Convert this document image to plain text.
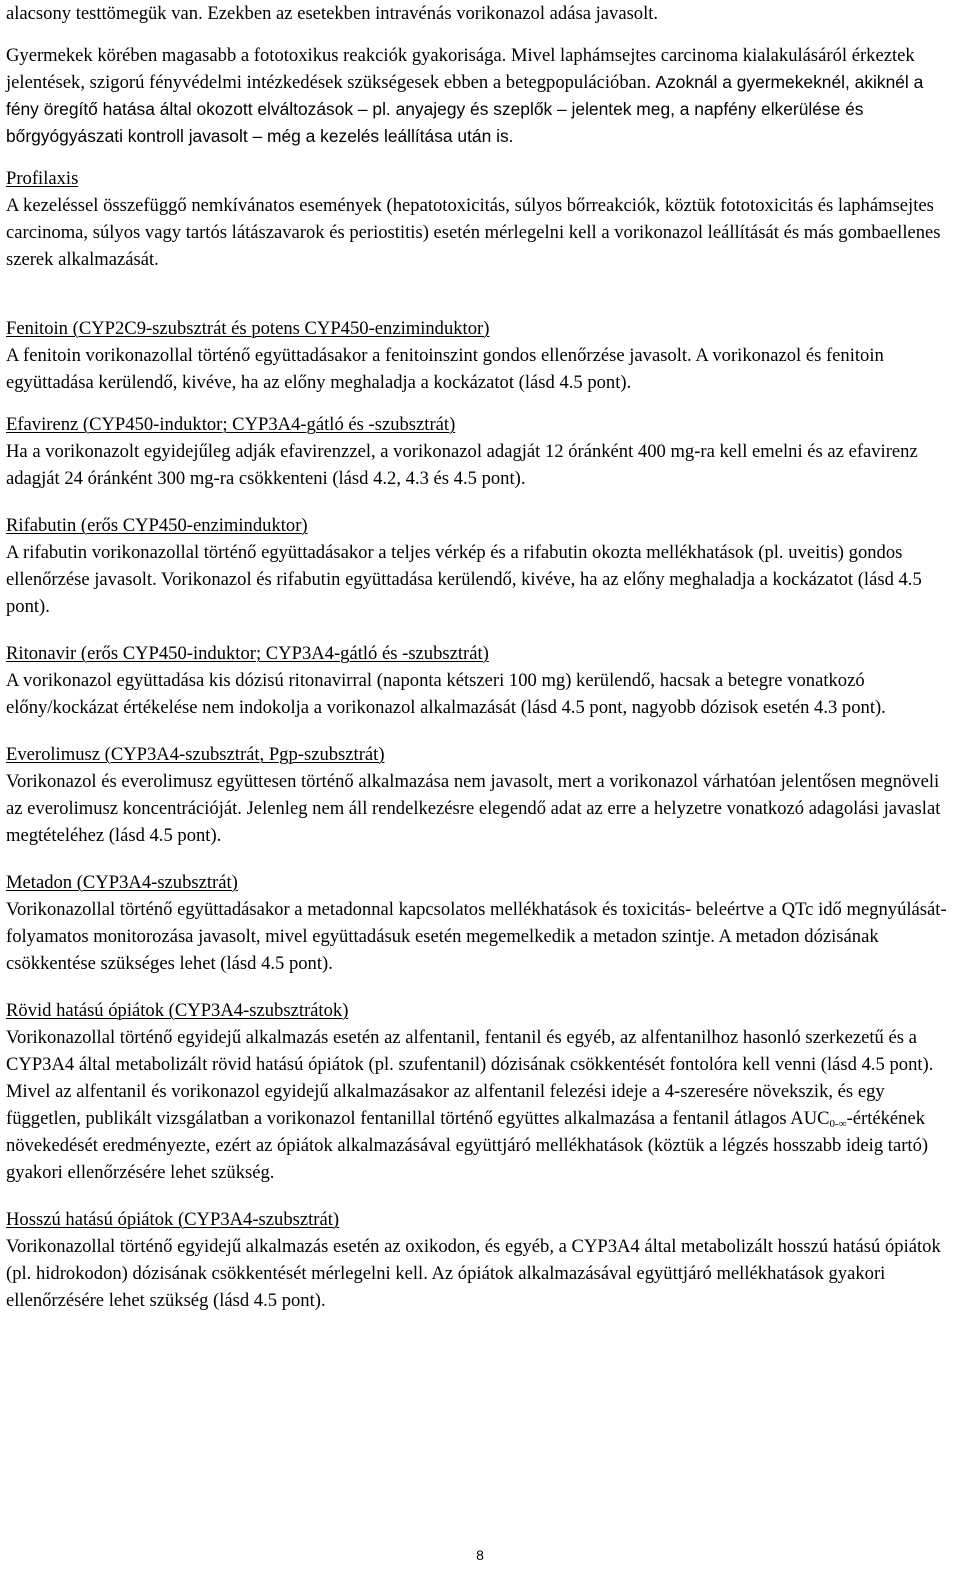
alacsony testtömegük van. Ezekben az esetekben intravénás vorikonazol adása javasolt.

Gyermekek körében magasabb a fototoxikus reakciók gyakorisága. Mivel laphámsejtes carcinoma kialakulásáról érkeztek jelentések, szigorú fényvédelmi intézkedések szükségesek ebben a betegpopulációban. Azoknál a gyermekeknél, akiknél a fény öregítő hatása által okozott elváltozások – pl. anyajegy és szeplők – jelentek meg, a napfény elkerülése és bőrgyógyászati kontroll javasolt – még a kezelés leállítása után is.

Profilaxis

A kezeléssel összefüggő nemkívánatos események (hepatotoxicitás, súlyos bőrreakciók, köztük fototoxicitás és laphámsejtes carcinoma, súlyos vagy tartós látászavarok és periostitis) esetén mérlegelni kell a vorikonazol leállítását és más gombaellenes szerek alkalmazását.

Fenitoin (CYP2C9-szubsztrát és potens CYP450-enziminduktor)

A fenitoin vorikonazollal történő együttadásakor a fenitoinszint gondos ellenőrzése javasolt. A vorikonazol és fenitoin együttadása kerülendő, kivéve, ha az előny meghaladja a kockázatot (lásd 4.5 pont).

Efavirenz (CYP450-induktor; CYP3A4-gátló és -szubsztrát)

Ha a vorikonazolt egyidejűleg adják efavirenzzel, a vorikonazol adagját 12 óránként 400 mg-ra kell emelni és az efavirenz adagját 24 óránként 300 mg-ra csökkenteni (lásd 4.2, 4.3 és 4.5 pont).

Rifabutin (erős CYP450-enziminduktor)

A rifabutin vorikonazollal történő együttadásakor a teljes vérkép és a rifabutin okozta mellékhatások (pl. uveitis) gondos ellenőrzése javasolt. Vorikonazol és rifabutin együttadása kerülendő, kivéve, ha az előny meghaladja a kockázatot (lásd 4.5 pont).

Ritonavir (erős CYP450-induktor; CYP3A4-gátló és -szubsztrát)

A vorikonazol együttadása kis dózisú ritonavirral (naponta kétszeri 100 mg) kerülendő, hacsak a betegre vonatkozó előny/kockázat értékelése nem indokolja a vorikonazol alkalmazását (lásd 4.5 pont, nagyobb dózisok esetén 4.3 pont).

Everolimusz (CYP3A4-szubsztrát, Pgp-szubsztrát)

Vorikonazol és everolimusz együttesen történő alkalmazása nem javasolt, mert a vorikonazol várhatóan jelentősen megnöveli az everolimusz koncentrációját. Jelenleg nem áll rendelkezésre elegendő adat az erre a helyzetre vonatkozó adagolási javaslat megtételéhez (lásd 4.5 pont).

Metadon (CYP3A4-szubsztrát)

Vorikonazollal történő együttadásakor a metadonnal kapcsolatos mellékhatások és toxicitás- beleértve a QTc idő megnyúlását- folyamatos monitorozása javasolt, mivel együttadásuk esetén megemelkedik a metadon szintje. A metadon dózisának csökkentése szükséges lehet (lásd 4.5 pont).

Rövid hatású ópiátok (CYP3A4-szubsztrátok)

Vorikonazollal történő egyidejű alkalmazás esetén az alfentanil, fentanil és egyéb, az alfentanilhoz hasonló szerkezetű és a CYP3A4 által metabolizált rövid hatású ópiátok (pl. szufentanil) dózisának csökkentését fontolóra kell venni (lásd 4.5 pont). Mivel az alfentanil és vorikonazol egyidejű alkalmazásakor az alfentanil felezési ideje a 4-szeresére növekszik, és egy független, publikált vizsgálatban a vorikonazol fentanillal történő együttes alkalmazása a fentanil átlagos $AUC_{0-\infty}$-értékének növekedését eredményezte, ezért az ópiátok alkalmazásával együttjáró mellékhatások (köztük a légzés hosszabb ideig tartó) gyakori ellenőrzésére lehet szükség.

Hosszú hatású ópiátok (CYP3A4-szubsztrát)

Vorikonazollal történő egyidejű alkalmazás esetén az oxikodon, és egyéb, a CYP3A4 által metabolizált hosszú hatású ópiátok (pl. hidrokodon) dózisának csökkentését mérlegelni kell. Az ópiátok alkalmazásával együttjáró mellékhatások gyakori ellenőrzésére lehet szükség (lásd 4.5 pont).

8
